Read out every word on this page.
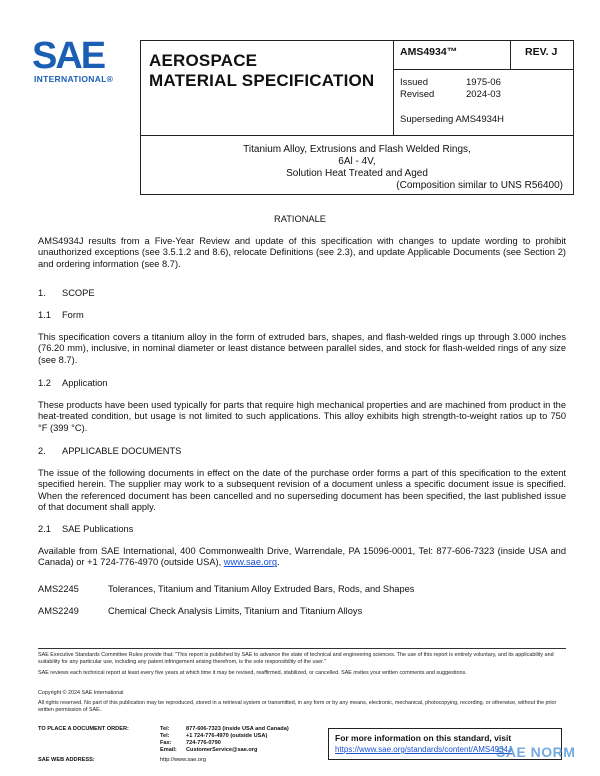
SAE
INTERNATIONAL®
AEROSPACE
MATERIAL SPECIFICATION
AMS4934™	REV. J
Issued	1975-06
Revised	2024-03
Superseding AMS4934H
Titanium Alloy, Extrusions and Flash Welded Rings,
6Al - 4V,
Solution Heat Treated and Aged
(Composition similar to UNS R56400)
RATIONALE
AMS4934J results from a Five-Year Review and update of this specification with changes to update wording to prohibit unauthorized exceptions (see 3.5.1.2 and 8.6), relocate Definitions (see 2.3), and update Applicable Documents (see Section 2) and ordering information (see 8.7).
1. SCOPE
1.1 Form
This specification covers a titanium alloy in the form of extruded bars, shapes, and flash-welded rings up through 3.000 inches (76.20 mm), inclusive, in nominal diameter or least distance between parallel sides, and stock for flash-welded rings of any size (see 8.7).
1.2 Application
These products have been used typically for parts that require high mechanical properties and are machined from product in the heat-treated condition, but usage is not limited to such applications. This alloy exhibits high strength-to-weight ratios up to 750 °F (399 °C).
2. APPLICABLE DOCUMENTS
The issue of the following documents in effect on the date of the purchase order forms a part of this specification to the extent specified herein. The supplier may work to a subsequent revision of a document unless a specific document issue is specified. When the referenced document has been cancelled and no superseding document has been specified, the last published issue of that document shall apply.
2.1 SAE Publications
Available from SAE International, 400 Commonwealth Drive, Warrendale, PA 15096-0001, Tel: 877-606-7323 (inside USA and Canada) or +1 724-776-4970 (outside USA), www.sae.org.
AMS2245	Tolerances, Titanium and Titanium Alloy Extruded Bars, Rods, and Shapes
AMS2249	Chemical Check Analysis Limits, Titanium and Titanium Alloys
SAE Executive Standards Committee Rules provide that: "This report is published by SAE to advance the state of technical and engineering sciences. The use of this report is entirely voluntary, and its applicability and suitability for any particular use, including any patent infringement arising therefrom, is the sole responsibility of the user."
SAE reviews each technical report at least every five years at which time it may be revised, reaffirmed, stabilized, or cancelled. SAE invites your written comments and suggestions.
Copyright © 2024 SAE International
All rights reserved. No part of this publication may be reproduced, stored in a retrieval system or transmitted, in any form or by any means, electronic, mechanical, photocopying, recording, or otherwise, without the prior written permission of SAE.
TO PLACE A DOCUMENT ORDER:	Tel:	877-606-7323 (inside USA and Canada)
Tel:	+1 724-776-4970 (outside USA)
Fax:	724-776-0790
Email: CustomerService@sae.org
SAE WEB ADDRESS:	http://www.sae.org
For more information on this standard, visit
https://www.sae.org/standards/content/AMS4934J
SAE NORM
